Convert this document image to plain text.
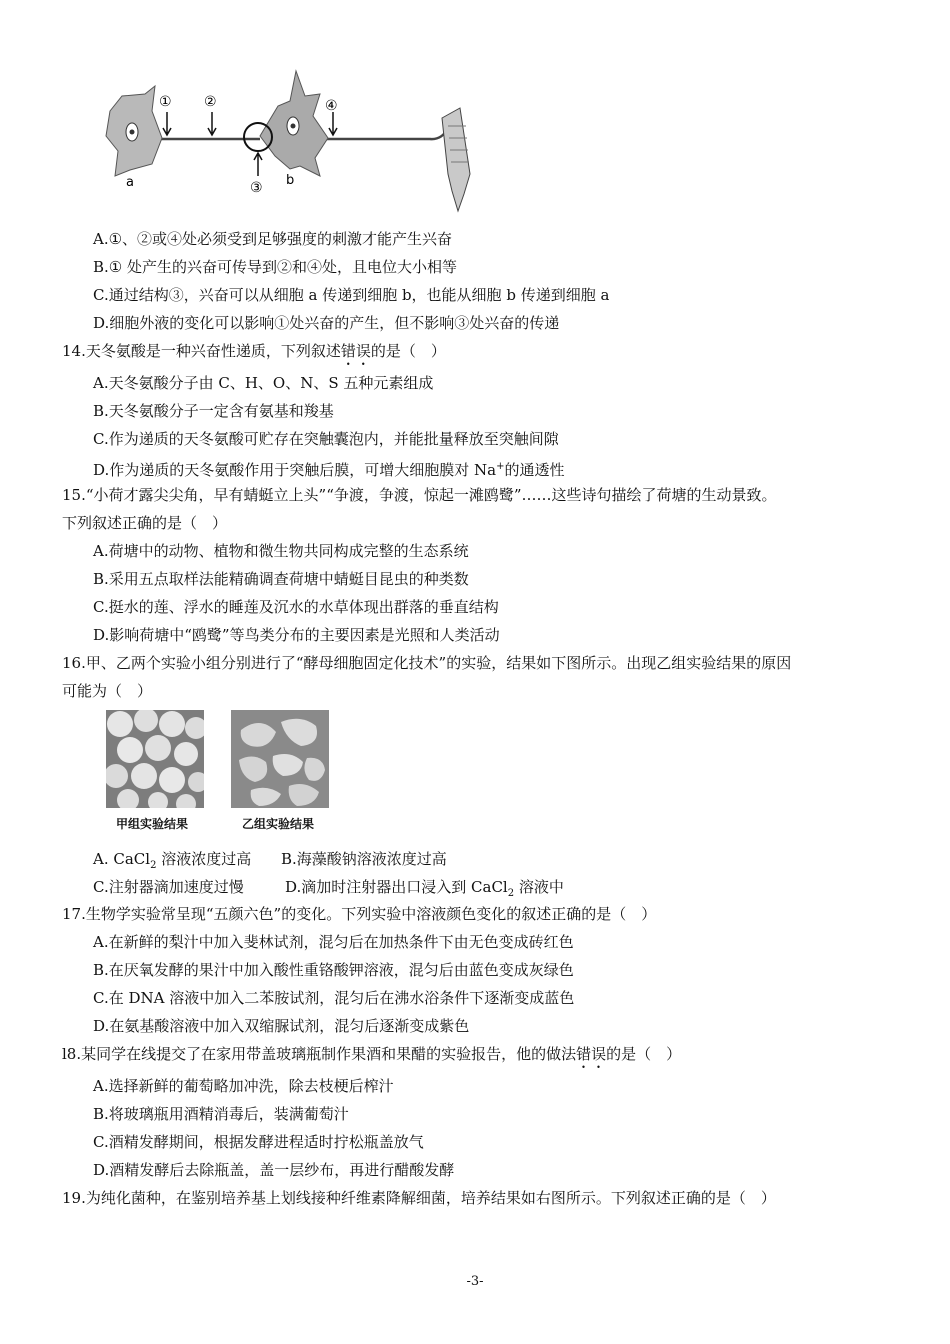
① ②
③
④
a	b
A.①、②或④处必须受到足够强度的刺激才能产生兴奋
B.① 处产生的兴奋可传导到②和④处，且电位大小相等
C.通过结构③，兴奋可以从细胞 a 传递到细胞 b，也能从细胞 b 传递到细胞 a
D.细胞外液的变化可以影响①处兴奋的产生，但不影响③处兴奋的传递
14.天冬氨酸是一种兴奋性递质，下列叙述错误的是（　）
A.天冬氨酸分子由 C、H、O、N、S 五种元素组成
B.天冬氨酸分子一定含有氨基和羧基
C.作为递质的天冬氨酸可贮存在突触囊泡内，并能批量释放至突触间隙
D.作为递质的天冬氨酸作用于突触后膜，可增大细胞膜对 Na+的通透性
15.“小荷才露尖尖角，早有蜻蜓立上头”“争渡，争渡，惊起一滩鸥鹭”……这些诗句描绘了荷塘的生动景致。
下列叙述正确的是（　）
A.荷塘中的动物、植物和微生物共同构成完整的生态系统
B.采用五点取样法能精确调查荷塘中蜻蜓目昆虫的种类数
C.挺水的莲、浮水的睡莲及沉水的水草体现出群落的垂直结构
D.影响荷塘中“鸥鹭”等鸟类分布的主要因素是光照和人类活动
16.甲、乙两个实验小组分别进行了“酵母细胞固定化技术”的实验，结果如下图所示。出现乙组实验结果的原因
可能为（　）
甲组实验结果	乙组实验结果
A. CaCl$_2$ 溶液浓度过高 B.海藻酸钠溶液浓度过高
C.注射器滴加速度过慢	D.滴加时注射器出口浸入到 CaCl$_2$ 溶液中
17.生物学实验常呈现“五颜六色”的变化。下列实验中溶液颜色变化的叙述正确的是（　）
A.在新鲜的梨汁中加入斐林试剂，混匀后在加热条件下由无色变成砖红色
B.在厌氧发酵的果汁中加入酸性重铬酸钾溶液，混匀后由蓝色变成灰绿色
C.在 DNA 溶液中加入二苯胺试剂，混匀后在沸水浴条件下逐渐变成蓝色
D.在氨基酸溶液中加入双缩脲试剂，混匀后逐渐变成紫色
l8.某同学在线提交了在家用带盖玻璃瓶制作果酒和果醋的实验报告，他的做法错误的是（　）
A.选择新鲜的葡萄略加冲洗，除去枝梗后榨汁
B.将玻璃瓶用酒精消毒后，装满葡萄汁
C.酒精发酵期间，根据发酵进程适时拧松瓶盖放气
D.酒精发酵后去除瓶盖，盖一层纱布，再进行醋酸发酵
19.为纯化菌种，在鉴别培养基上划线接种纤维素降解细菌，培养结果如右图所示。下列叙述正确的是（　）
-3-
